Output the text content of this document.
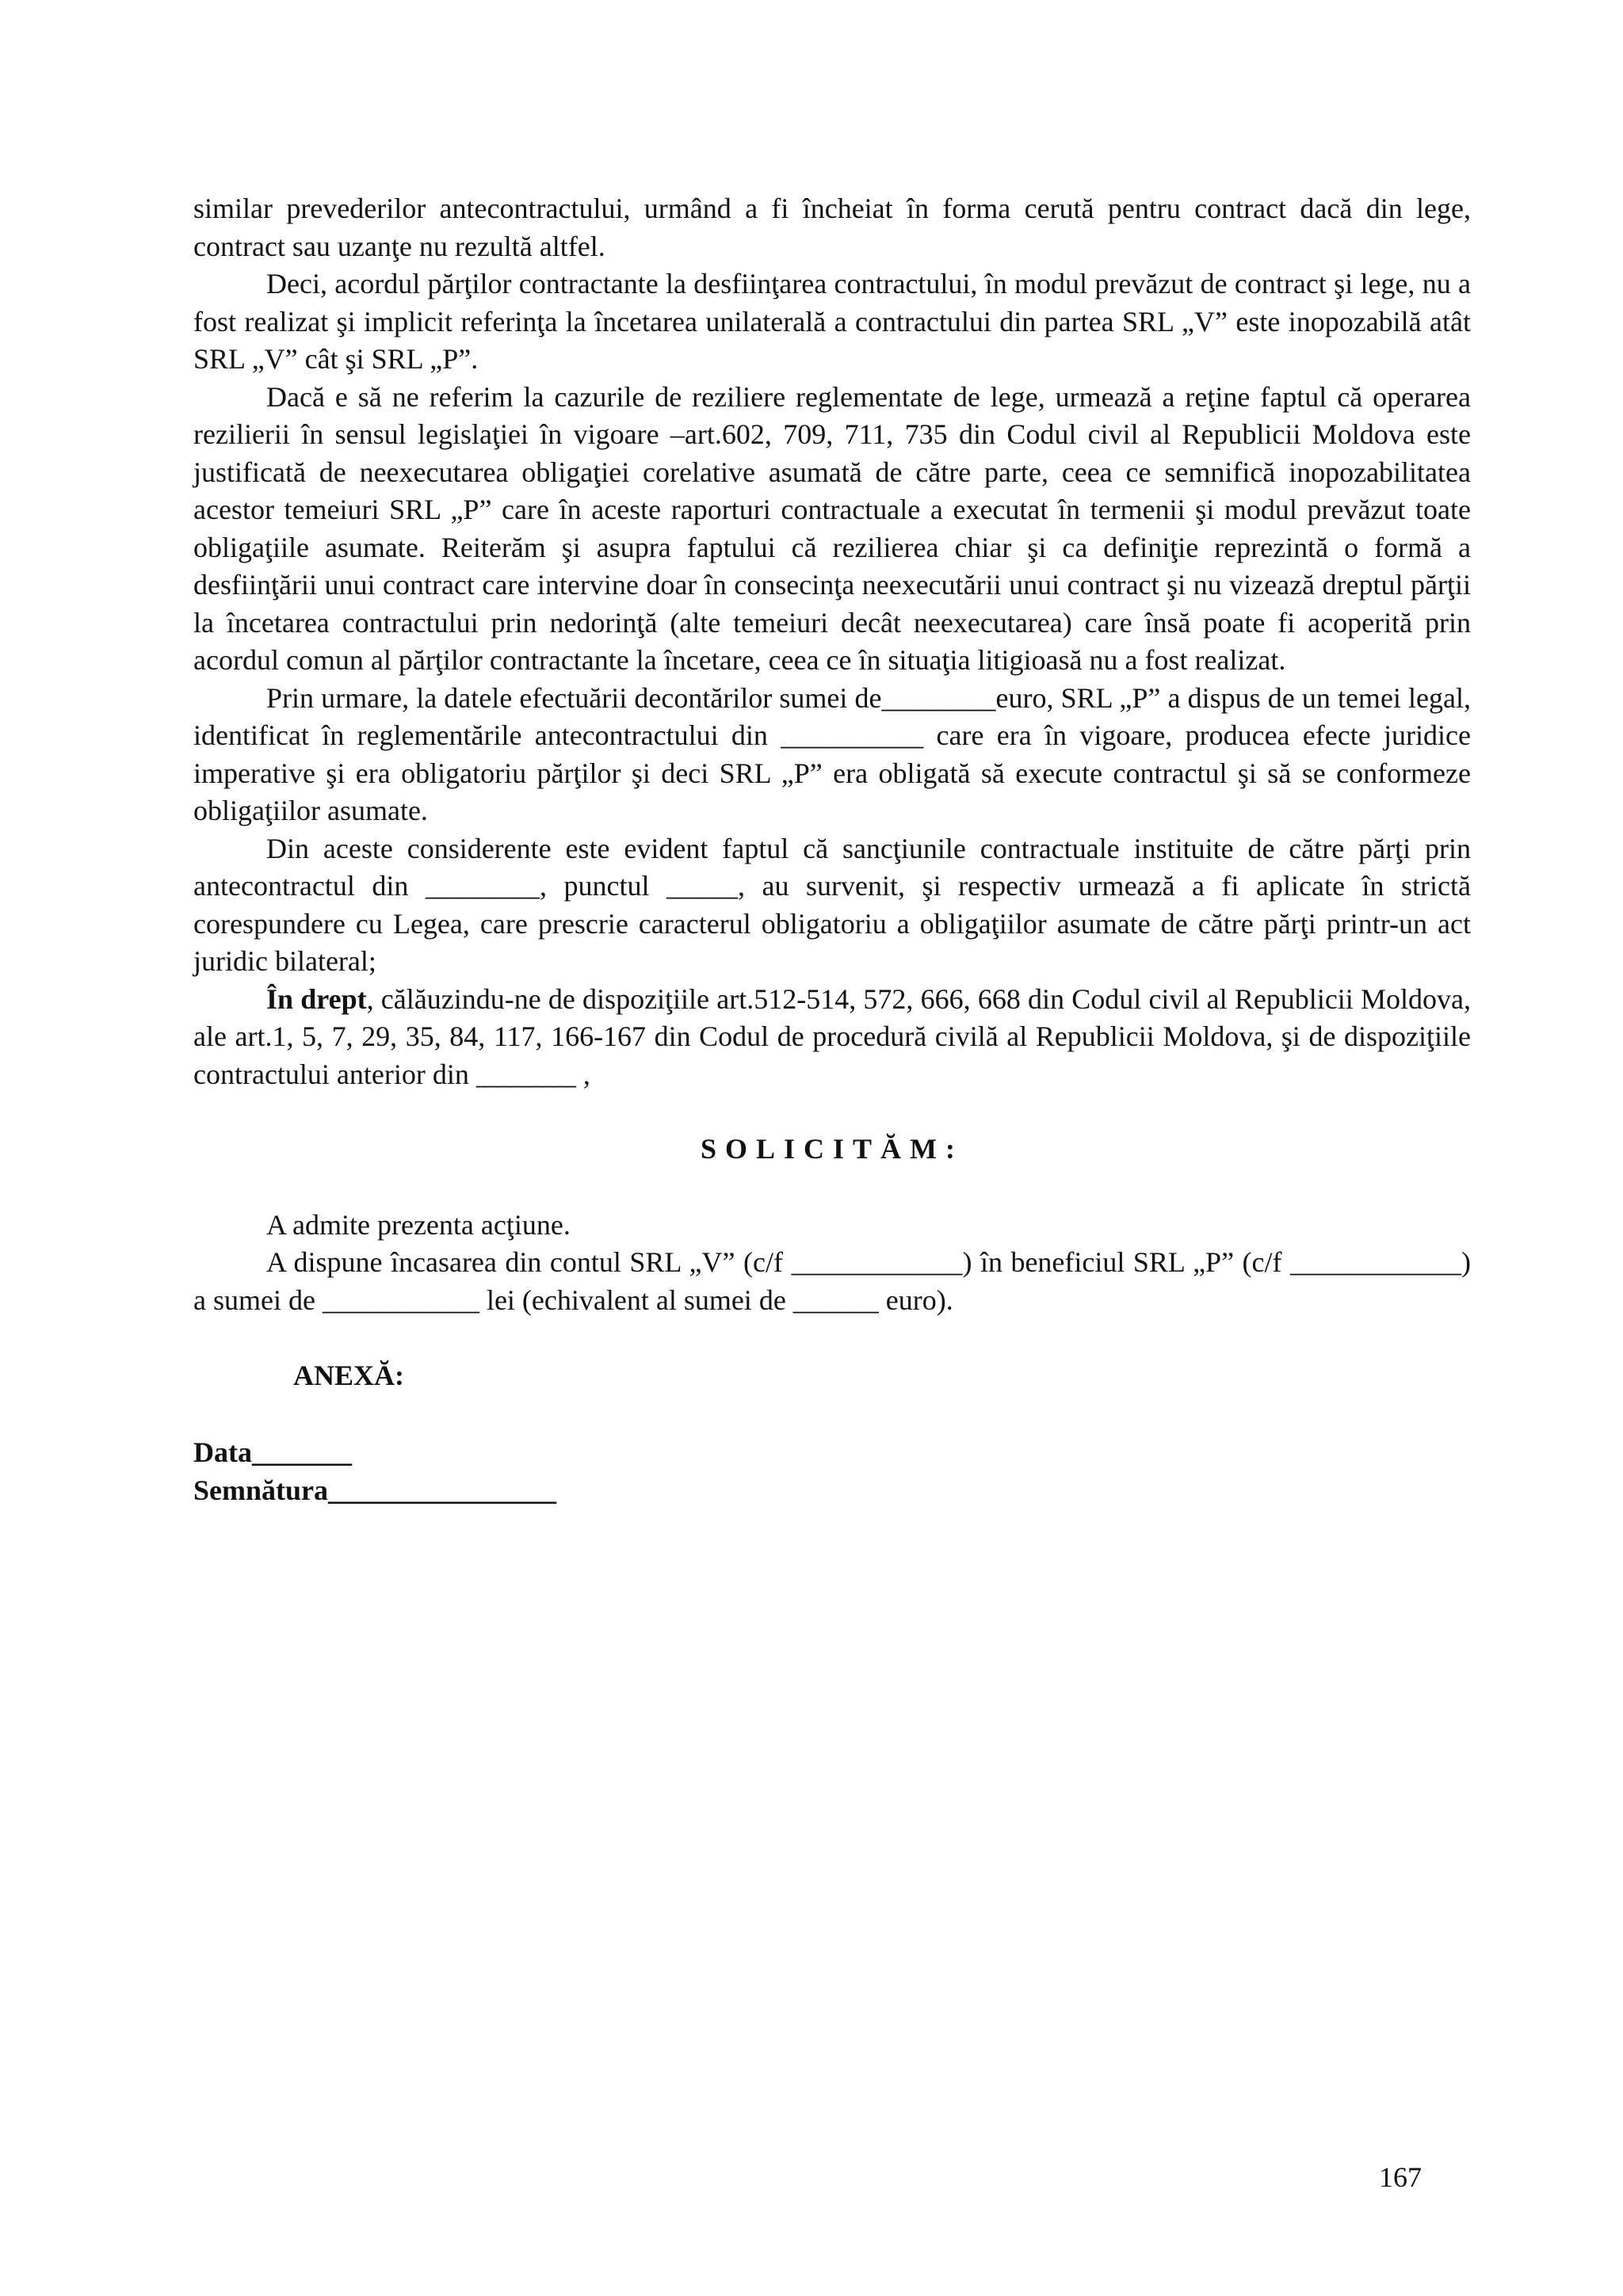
similar prevederilor antecontractului, urmând a fi încheiat în forma cerută pentru contract dacă din lege, contract sau uzanţe nu rezultă altfel.

Deci, acordul părţilor contractante la desfiinţarea contractului, în modul prevăzut de contract şi lege, nu a fost realizat şi implicit referinţa la încetarea unilaterală a contractului din partea SRL „V” este inopozabilă atât SRL „V” cât şi SRL „P”.

Dacă e să ne referim la cazurile de reziliere reglementate de lege, urmează a reţine faptul că operarea rezilierii în sensul legislaţiei în vigoare –art.602, 709, 711, 735 din Codul civil al Republicii Moldova este justificată de neexecutarea obligaţiei corelative asumată de către parte, ceea ce semnifică inopozabilitatea acestor temeiuri SRL „P” care în aceste raporturi contractuale a executat în termenii şi modul prevăzut toate obligaţiile asumate. Reiterăm şi asupra faptului că rezilierea chiar şi ca definiţie reprezintă o formă a desfiinţării unui contract care intervine doar în consecinţa neexecutării unui contract şi nu vizează dreptul părţii la încetarea contractului prin nedorinţă (alte temeiuri decât neexecutarea) care însă poate fi acoperită prin acordul comun al părţilor contractante la încetare, ceea ce în situaţia litigioasă nu a fost realizat.

Prin urmare, la datele efectuării decontărilor sumei de________euro, SRL „P” a dispus de un temei legal, identificat în reglementările antecontractului din __________ care era în vigoare, producea efecte juridice imperative şi era obligatoriu părţilor şi deci SRL „P” era obligată să execute contractul şi să se conformeze obligaţiilor asumate.

Din aceste considerente este evident faptul că sancţiunile contractuale instituite de către părţi prin antecontractul din ________, punctul _____, au survenit, şi respectiv urmează a fi aplicate în strictă corespundere cu Legea, care prescrie caracterul obligatoriu a obligaţiilor asumate de către părţi printr-un act juridic bilateral;

În drept, călăuzindu-ne de dispoziţiile art.512-514, 572, 666, 668 din Codul civil al Republicii Moldova, ale art.1, 5, 7, 29, 35, 84, 117, 166-167 din Codul de procedură civilă al Republicii Moldova, şi de dispoziţiile contractului anterior din _______ ,

SOLICITĂM:

A admite prezenta acţiune.

A dispune încasarea din contul SRL „V” (c/f ____________) în beneficiul SRL „P” (c/f ____________) a sumei de ___________ lei (echivalent al sumei de ______ euro).

ANEXĂ:
Data_______
Semnătura________________
167
